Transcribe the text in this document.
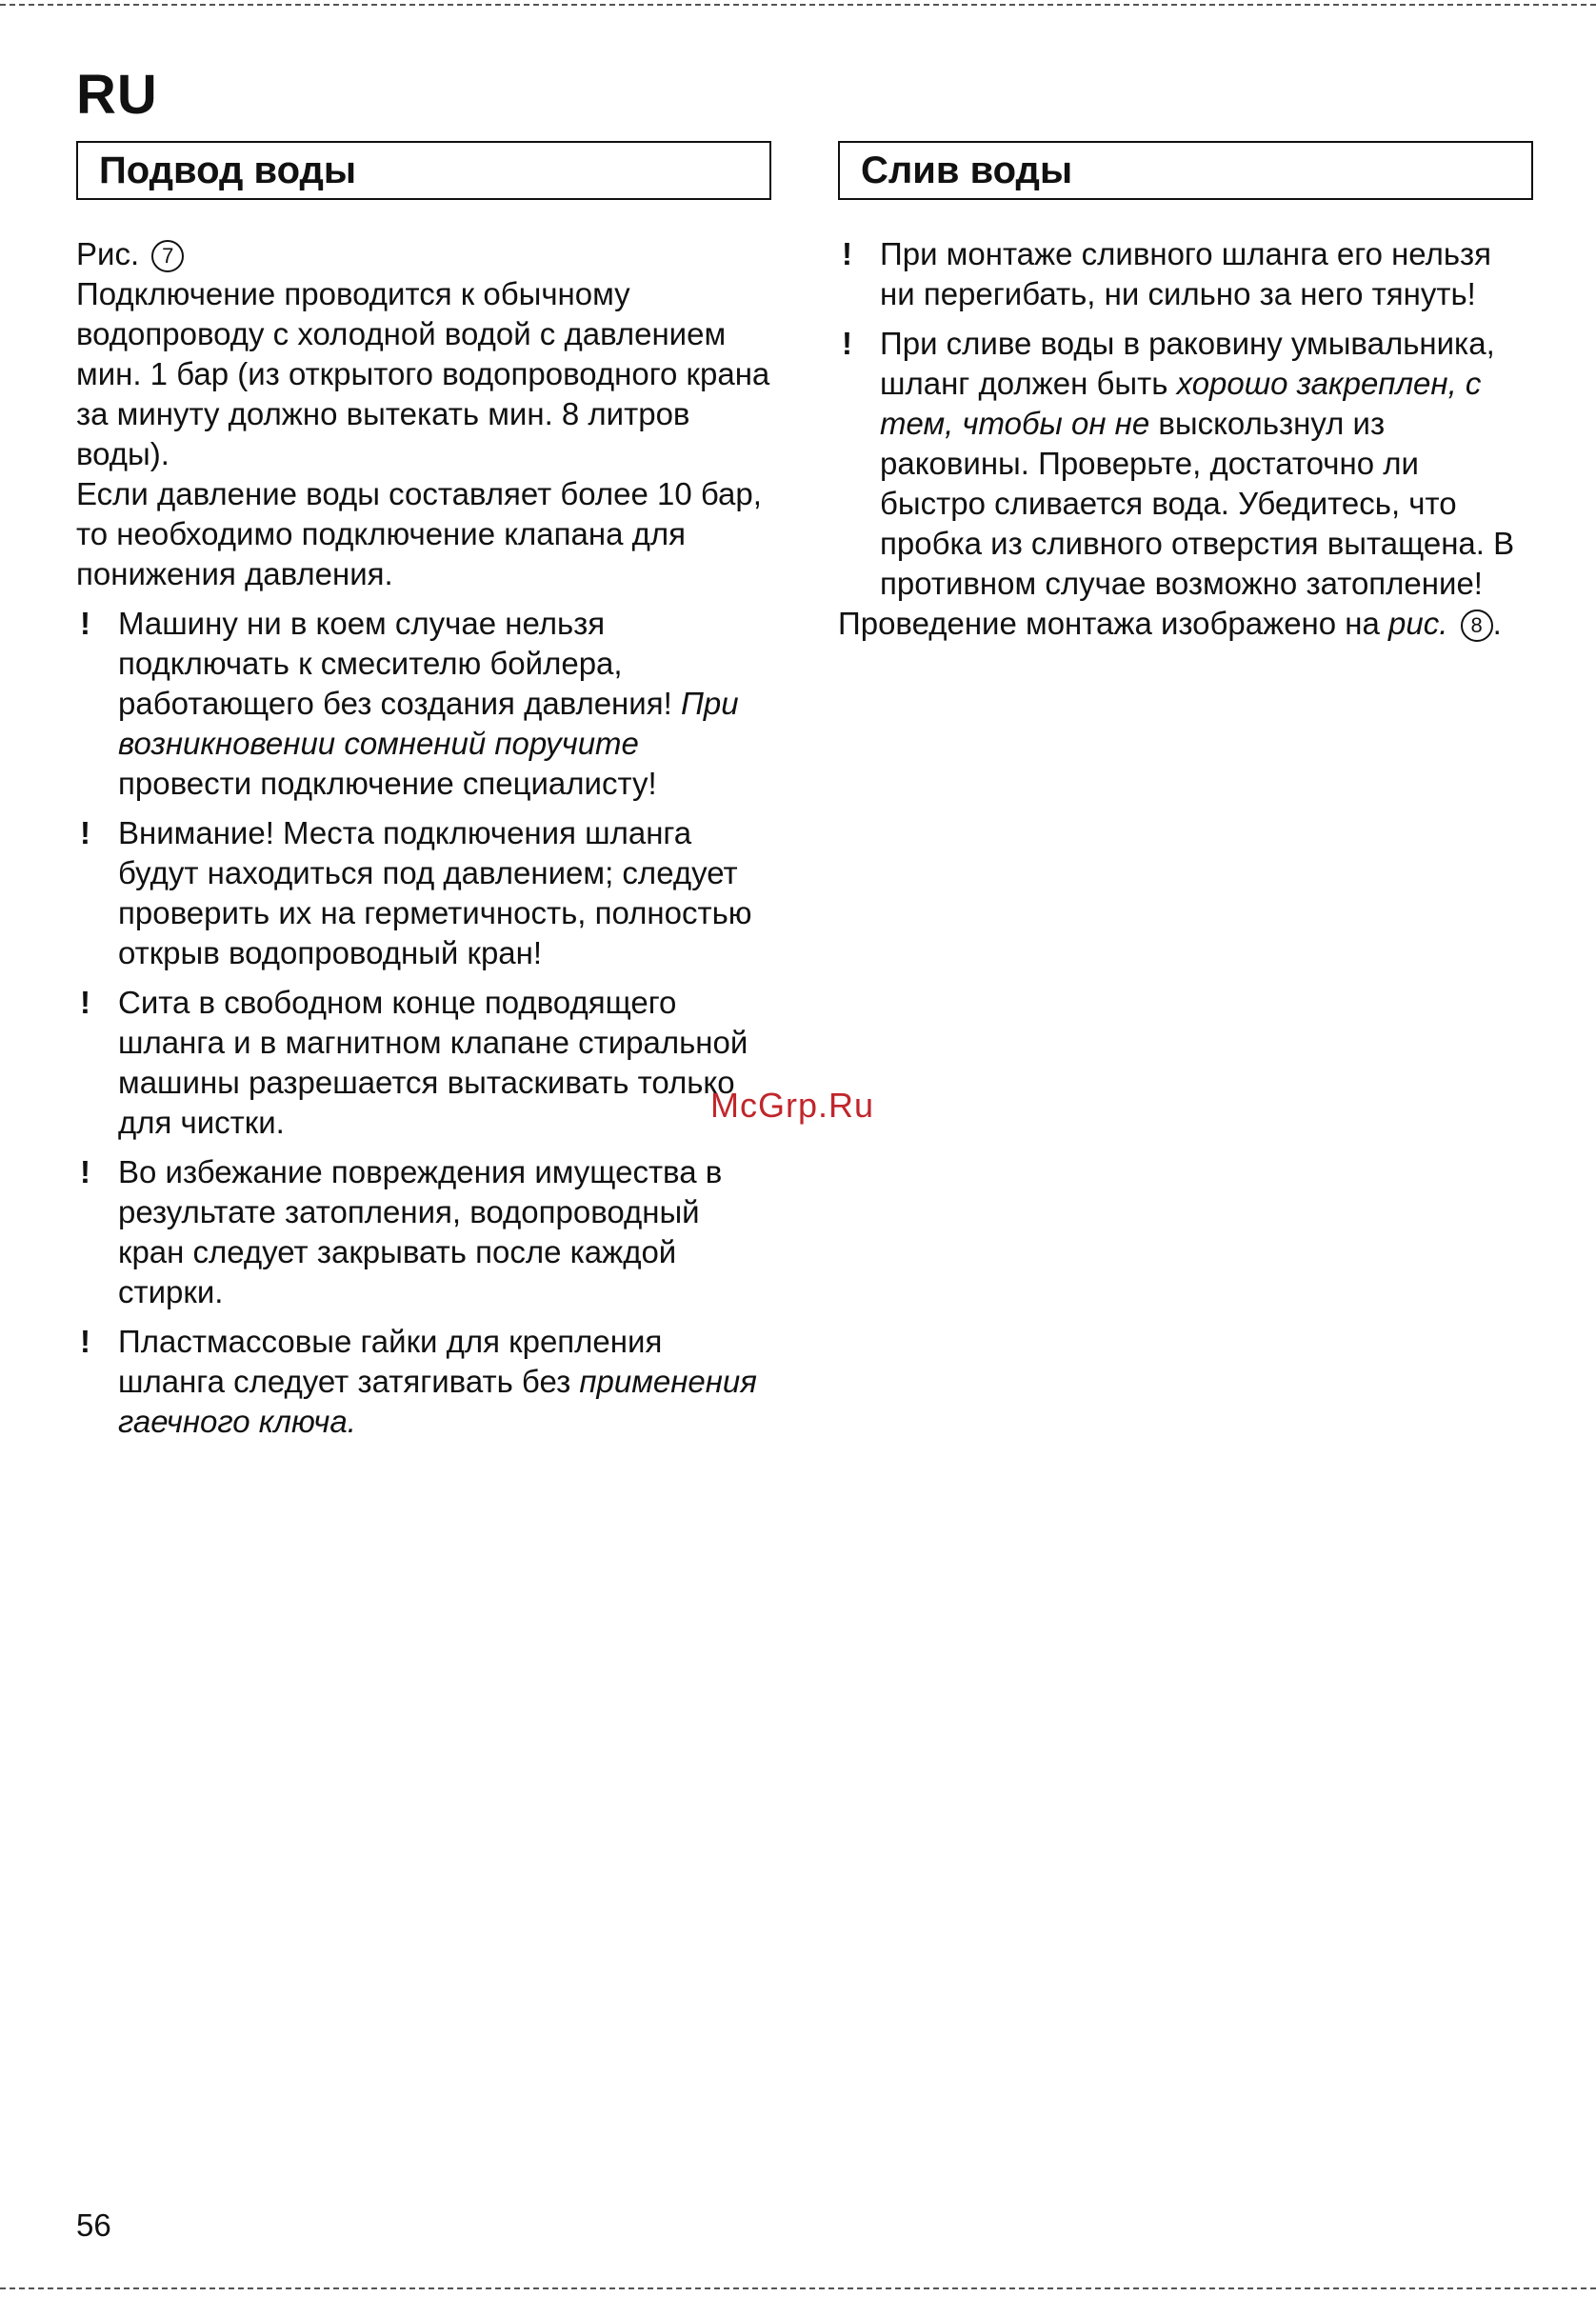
RU
Подвод воды
Рис. 7

Подключение проводится к обычному водопроводу с холодной водой с давлением мин. 1 бар (из открытого водопроводного крана за минуту должно вытекать мин. 8 литров воды).

Если давление воды составляет более 10 бар, то необходимо подключение клапана для понижения давления.

! Машину ни в коем случае нельзя подключать к смесителю бойлера, работающего без создания давления! При возникновении сомнений поручите провести подключение специалисту!
! Внимание! Места подключения шланга будут находиться под давлением; следует проверить их на герметичность, полностью открыв водопроводный кран!
! Сита в свободном конце подводящего шланга и в магнитном клапане стиральной машины разрешается вытаскивать только для чистки.
! Во избежание повреждения имущества в результате затопления, водопроводный кран следует закрывать после каждой стирки.
! Пластмассовые гайки для крепления шланга следует затягивать без применения гаечного ключа.
Слив воды
! При монтаже сливного шланга его нельзя ни перегибать, ни сильно за него тянуть!
! При сливе воды в раковину умывальника, шланг должен быть хорошо закреплен, с тем, чтобы он не выскользнул из раковины. Проверьте, достаточно ли быстро сливается вода. Убедитесь, что пробка из сливного отверстия вытащена. В противном случае возможно затопление!

Проведение монтажа изображено на рис. 8 .

McGrp.Ru
56
